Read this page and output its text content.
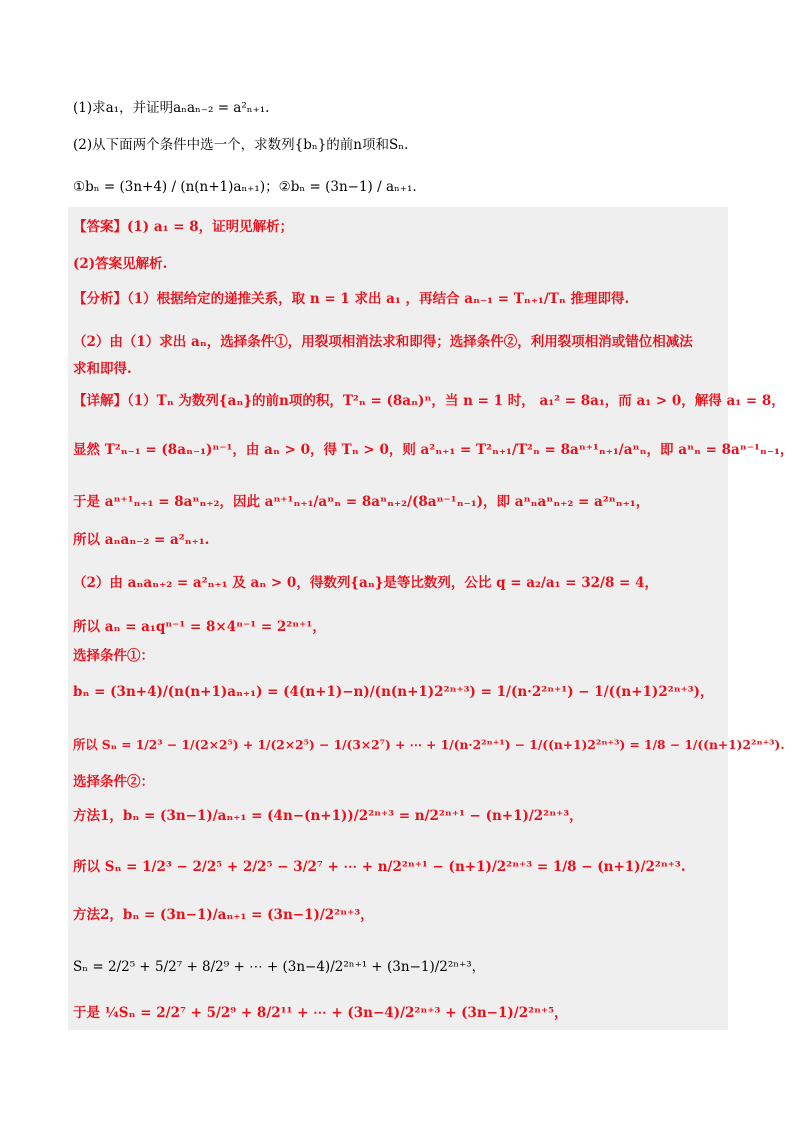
(1)求a₁，并证明aₙaₙ₋₂ = a²ₙ₊₁.
(2)从下面两个条件中选一个，求数列{bₙ}的前n项和Sₙ.
①bₙ = (3n+4) / (n(n+1)aₙ₊₁)；②bₙ = (3n−1) / aₙ₊₁.
【答案】(1) a₁ = 8，证明见解析；
(2)答案见解析.
【分析】（1）根据给定的递推关系，取 n = 1 求出 a₁ ，再结合 aₙ₋₁ = Tₙ₊₁/Tₙ 推理即得.
（2）由（1）求出 aₙ，选择条件①，用裂项相消法求和即得；选择条件②，利用裂项相消或错位相减法
求和即得.
【详解】（1）Tₙ 为数列{aₙ}的前n项的积，T²ₙ = (8aₙ)ⁿ，当 n = 1 时， a₁² = 8a₁，而 a₁ > 0，解得 a₁ = 8，
显然 T²ₙ₋₁ = (8aₙ₋₁)ⁿ⁻¹，由 aₙ > 0，得 Tₙ > 0，则 a²ₙ₊₁ = T²ₙ₊₁/T²ₙ = 8aⁿ⁺¹ₙ₊₁/aⁿₙ，即 aⁿₙ = 8aⁿ⁻¹ₙ₋₁，
于是 aⁿ⁺¹ₙ₊₁ = 8aⁿₙ₊₂，因此 aⁿ⁺¹ₙ₊₁/aⁿₙ = 8aⁿₙ₊₂/(8aⁿ⁻¹ₙ₋₁)，即 aⁿₙaⁿₙ₊₂ = a²ⁿₙ₊₁，
所以 aₙaₙ₋₂ = a²ₙ₊₁.
（2）由 aₙaₙ₊₂ = a²ₙ₊₁ 及 aₙ > 0，得数列{aₙ}是等比数列，公比 q = a₂/a₁ = 32/8 = 4，
所以 aₙ = a₁qⁿ⁻¹ = 8×4ⁿ⁻¹ = 2²ⁿ⁺¹，
选择条件①：
bₙ = (3n+4)/(n(n+1)aₙ₊₁) = (4(n+1)−n)/(n(n+1)2²ⁿ⁺³) = 1/(n·2²ⁿ⁺¹) − 1/((n+1)2²ⁿ⁺³)，
所以 Sₙ = 1/2³ − 1/(2×2⁵) + 1/(2×2⁵) − 1/(3×2⁷) + ⋯ + 1/(n·2²ⁿ⁺¹) − 1/((n+1)2²ⁿ⁺³) = 1/8 − 1/((n+1)2²ⁿ⁺³).
选择条件②：
方法1，bₙ = (3n−1)/aₙ₊₁ = (4n−(n+1))/2²ⁿ⁺³ = n/2²ⁿ⁺¹ − (n+1)/2²ⁿ⁺³，
所以 Sₙ = 1/2³ − 2/2⁵ + 2/2⁵ − 3/2⁷ + ⋯ + n/2²ⁿ⁺¹ − (n+1)/2²ⁿ⁺³ = 1/8 − (n+1)/2²ⁿ⁺³.
方法2，bₙ = (3n−1)/aₙ₊₁ = (3n−1)/2²ⁿ⁺³，
Sₙ = 2/2⁵ + 5/2⁷ + 8/2⁹ + ⋯ + (3n−4)/2²ⁿ⁺¹ + (3n−1)/2²ⁿ⁺³，
于是 ¼Sₙ = 2/2⁷ + 5/2⁹ + 8/2¹¹ + ⋯ + (3n−4)/2²ⁿ⁺³ + (3n−1)/2²ⁿ⁺⁵，
